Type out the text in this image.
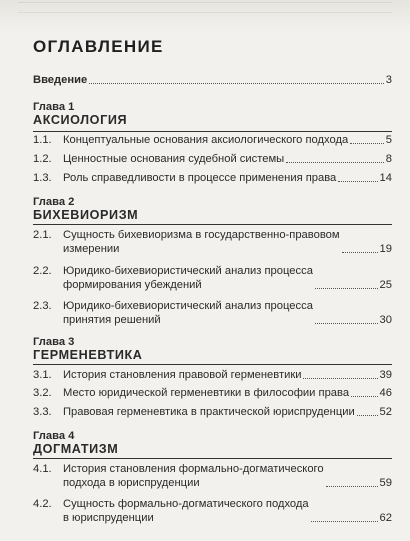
ОГЛАВЛЕНИЕ
Введение	3
Глава 1
АКСИОЛОГИЯ
1.1.	Концептуальные основания аксиологического подхода	5
1.2.	Ценностные основания судебной системы	8
1.3.	Роль справедливости в процессе применения права	14
Глава 2
БИХЕВИОРИЗМ
2.1.	Сущность бихевиоризма в государственно-правовом
измерении	19
2.2.	Юридико-бихевиористический анализ процесса
формирования убеждений	25
2.3.	Юридико-бихевиористический анализ процесса
принятия решений	30
Глава 3
ГЕРМЕНЕВТИКА
3.1.	История становления правовой герменевтики	39
3.2.	Место юридической герменевтики в философии права	46
3.3.	Правовая герменевтика в практической юриспруденции 52
Глава 4
ДОГМАТИЗМ
4.1.	История становления формально-догматического
подхода в юриспруденции	59
4.2.	Сущность формально-догматического подхода
в юриспруденции	62
